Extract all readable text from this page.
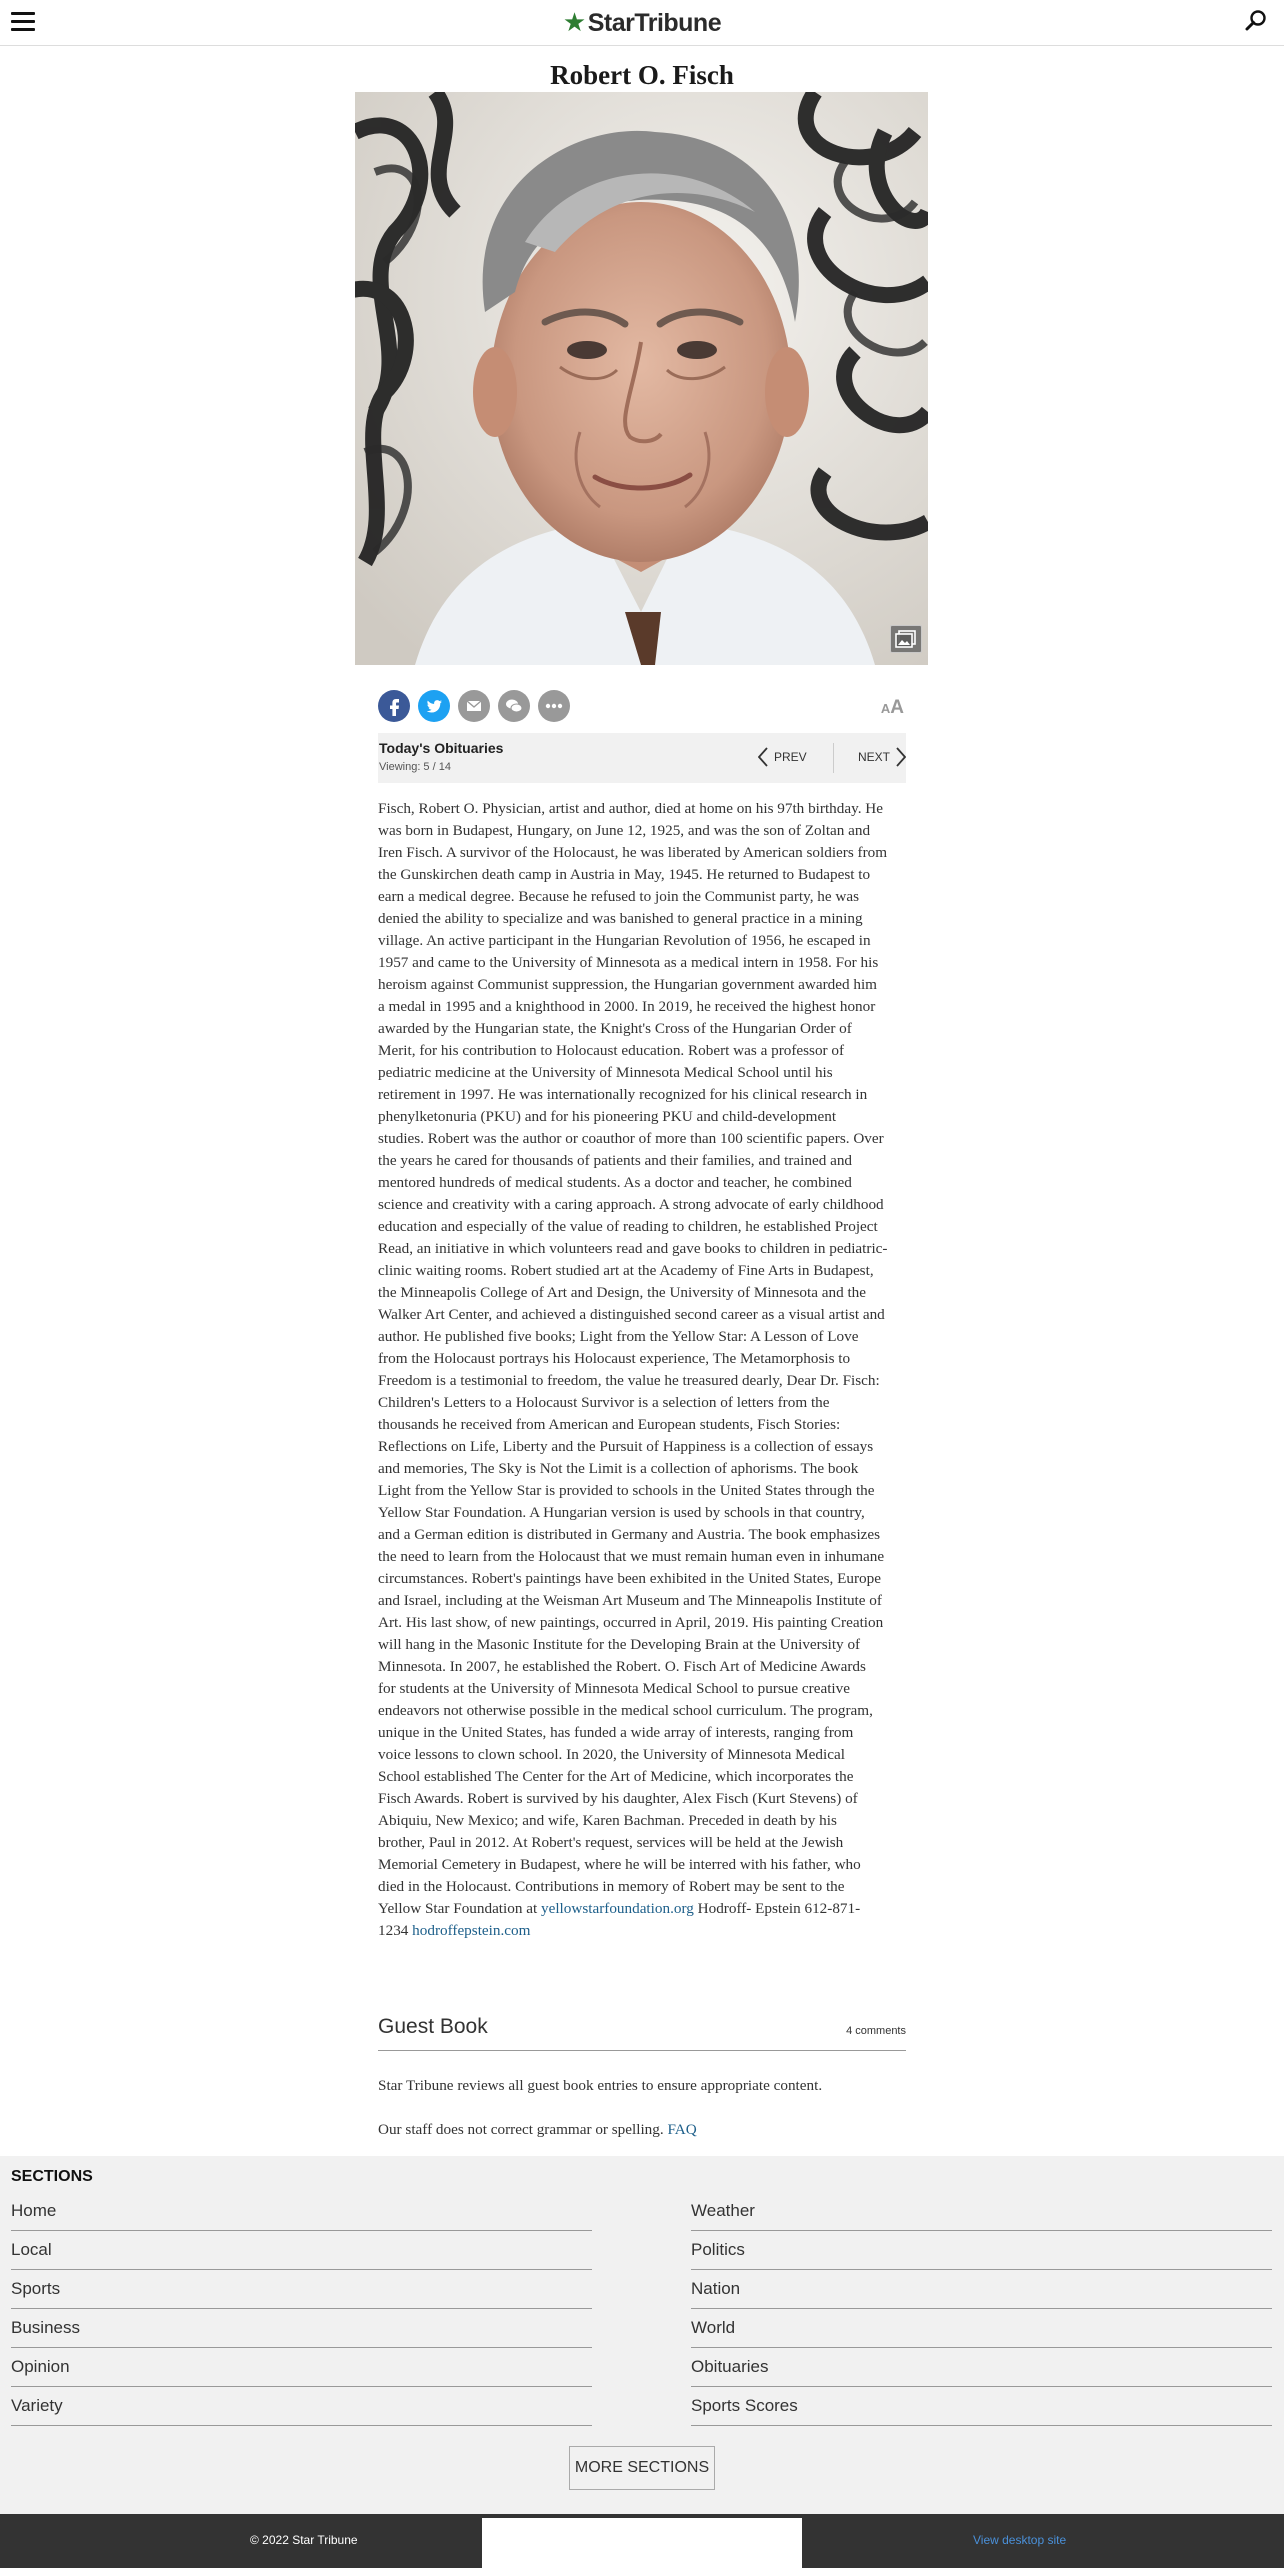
★StarTribune
Robert O. Fisch
AA
Today's Obituaries
Viewing: 5 / 14
PREV	NEXT
Fisch, Robert O. Physician, artist and author, died at home on his 97th birthday. He
was born in Budapest, Hungary, on June 12, 1925, and was the son of Zoltan and
Iren Fisch. A survivor of the Holocaust, he was liberated by American soldiers from
the Gunskirchen death camp in Austria in May, 1945. He returned to Budapest to
earn a medical degree. Because he refused to join the Communist party, he was
denied the ability to specialize and was banished to general practice in a mining
village. An active participant in the Hungarian Revolution of 1956, he escaped in
1957 and came to the University of Minnesota as a medical intern in 1958. For his
heroism against Communist suppression, the Hungarian government awarded him
a medal in 1995 and a knighthood in 2000. In 2019, he received the highest honor
awarded by the Hungarian state, the Knight's Cross of the Hungarian Order of
Merit, for his contribution to Holocaust education. Robert was a professor of
pediatric medicine at the University of Minnesota Medical School until his
retirement in 1997. He was internationally recognized for his clinical research in
phenylketonuria (PKU) and for his pioneering PKU and child-development
studies. Robert was the author or coauthor of more than 100 scientific papers. Over
the years he cared for thousands of patients and their families, and trained and
mentored hundreds of medical students. As a doctor and teacher, he combined
science and creativity with a caring approach. A strong advocate of early childhood
education and especially of the value of reading to children, he established Project
Read, an initiative in which volunteers read and gave books to children in pediatric-
clinic waiting rooms. Robert studied art at the Academy of Fine Arts in Budapest,
the Minneapolis College of Art and Design, the University of Minnesota and the
Walker Art Center, and achieved a distinguished second career as a visual artist and
author. He published five books; Light from the Yellow Star: A Lesson of Love
from the Holocaust portrays his Holocaust experience, The Metamorphosis to
Freedom is a testimonial to freedom, the value he treasured dearly, Dear Dr. Fisch:
Children's Letters to a Holocaust Survivor is a selection of letters from the
thousands he received from American and European students, Fisch Stories:
Reflections on Life, Liberty and the Pursuit of Happiness is a collection of essays
and memories, The Sky is Not the Limit is a collection of aphorisms. The book
Light from the Yellow Star is provided to schools in the United States through the
Yellow Star Foundation. A Hungarian version is used by schools in that country,
and a German edition is distributed in Germany and Austria. The book emphasizes
the need to learn from the Holocaust that we must remain human even in inhumane
circumstances. Robert's paintings have been exhibited in the United States, Europe
and Israel, including at the Weisman Art Museum and The Minneapolis Institute of
Art. His last show, of new paintings, occurred in April, 2019. His painting Creation
will hang in the Masonic Institute for the Developing Brain at the University of
Minnesota. In 2007, he established the Robert. O. Fisch Art of Medicine Awards
for students at the University of Minnesota Medical School to pursue creative
endeavors not otherwise possible in the medical school curriculum. The program,
unique in the United States, has funded a wide array of interests, ranging from
voice lessons to clown school. In 2020, the University of Minnesota Medical
School established The Center for the Art of Medicine, which incorporates the
Fisch Awards. Robert is survived by his daughter, Alex Fisch (Kurt Stevens) of
Abiquiu, New Mexico; and wife, Karen Bachman. Preceded in death by his
brother, Paul in 2012. At Robert's request, services will be held at the Jewish
Memorial Cemetery in Budapest, where he will be interred with his father, who
died in the Holocaust. Contributions in memory of Robert may be sent to the
Yellow Star Foundation at yellowstarfoundation.org Hodroff- Epstein 612-871-
1234 hodroffepstein.com
Guest Book	4 comments
Star Tribune reviews all guest book entries to ensure appropriate content.
Our staff does not correct grammar or spelling. FAQ
SECTIONS
Home
Local
Sports
Business
Opinion
Variety
Weather
Politics
Nation
World
Obituaries
Sports Scores
MORE SECTIONS
© 2022 Star Tribune	View desktop site
